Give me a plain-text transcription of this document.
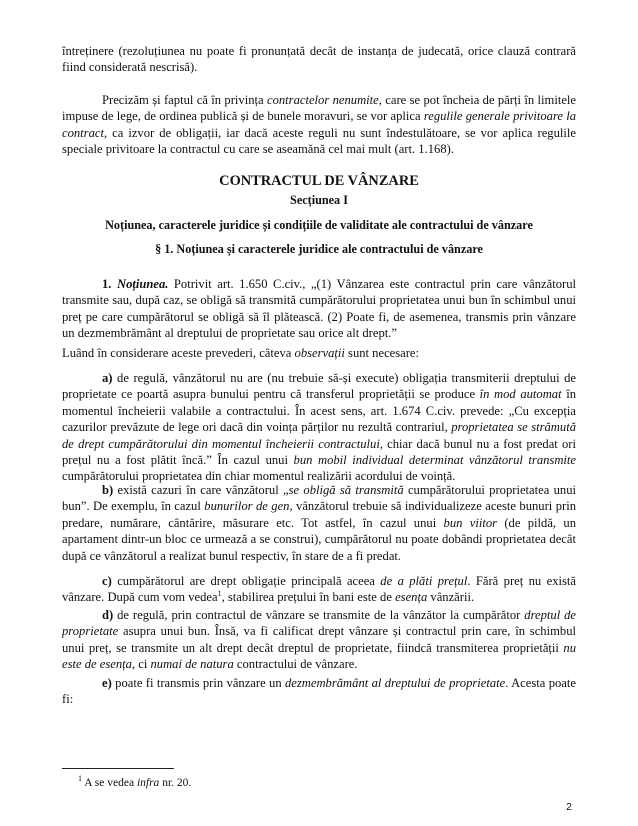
întreținere (rezoluțiunea nu poate fi pronunțată decât de instanța de judecată, orice clauză contrară fiind considerată nescrisă).

Precizăm și faptul că în privința contractelor nenumite, care se pot încheia de părți în limitele impuse de lege, de ordinea publică și de bunele moravuri, se vor aplica regulile generale privitoare la contract, ca izvor de obligații, iar dacă aceste reguli nu sunt îndestulătoare, se vor aplica regulile speciale privitoare la contractul cu care se aseamănă cel mai mult (art. 1.168).

CONTRACTUL DE VÂNZARE

Secțiunea I

Noțiunea, caracterele juridice și condițiile de validitate ale contractului de vânzare

§ 1. Noțiunea și caracterele juridice ale contractului de vânzare

1. Noțiunea. Potrivit art. 1.650 C.civ., „(1) Vânzarea este contractul prin care vânzătorul transmite sau, după caz, se obligă să transmită cumpărătorului proprietatea unui bun în schimbul unui preț pe care cumpărătorul se obligă să îl plătească. (2) Poate fi, de asemenea, transmis prin vânzare un dezmembrământ al dreptului de proprietate sau orice alt drept.”

Luând în considerare aceste prevederi, câteva observații sunt necesare:

a) de regulă, vânzătorul nu are (nu trebuie să-și execute) obligația transmiterii dreptului de proprietate ce poartă asupra bunului pentru că transferul proprietății se produce în mod automat în momentul încheierii valabile a contractului. În acest sens, art. 1.674 C.civ. prevede: „Cu excepția cazurilor prevăzute de lege ori dacă din voința părților nu rezultă contrariul, proprietatea se strămută de drept cumpărătorului din momentul încheierii contractului, chiar dacă bunul nu a fost predat ori prețul nu a fost plătit încă.” În cazul unui bun mobil individual determinat vânzătorul transmite cumpărătorului proprietatea din chiar momentul realizării acordului de voință.

b) există cazuri în care vânzătorul „se obligă să transmită cumpărătorului proprietatea unui bun”. De exemplu, în cazul bunurilor de gen, vânzătorul trebuie să individualizeze aceste bunuri prin predare, numărare, cântărire, măsurare etc. Tot astfel, în cazul unui bun viitor (de pildă, un apartament dintr-un bloc ce urmează a se construi), cumpărătorul nu poate dobândi proprietatea decât după ce vânzătorul a realizat bunul respectiv, în stare de a fi predat.

c) cumpărătorul are drept obligație principală aceea de a plăti prețul. Fără preț nu există vânzare. După cum vom vedea$^1$, stabilirea prețului în bani este de esența vânzării.

d) de regulă, prin contractul de vânzare se transmite de la vânzător la cumpărător dreptul de proprietate asupra unui bun. Însă, va fi calificat drept vânzare și contractul prin care, în schimbul unui preț, se transmite un alt drept decât dreptul de proprietate, fiindcă transmiterea proprietății nu este de esența, ci numai de natura contractului de vânzare.

e) poate fi transmis prin vânzare un dezmembrământ al dreptului de proprietate. Acesta poate fi:

$^1$ A se vedea infra nr. 20.

2
